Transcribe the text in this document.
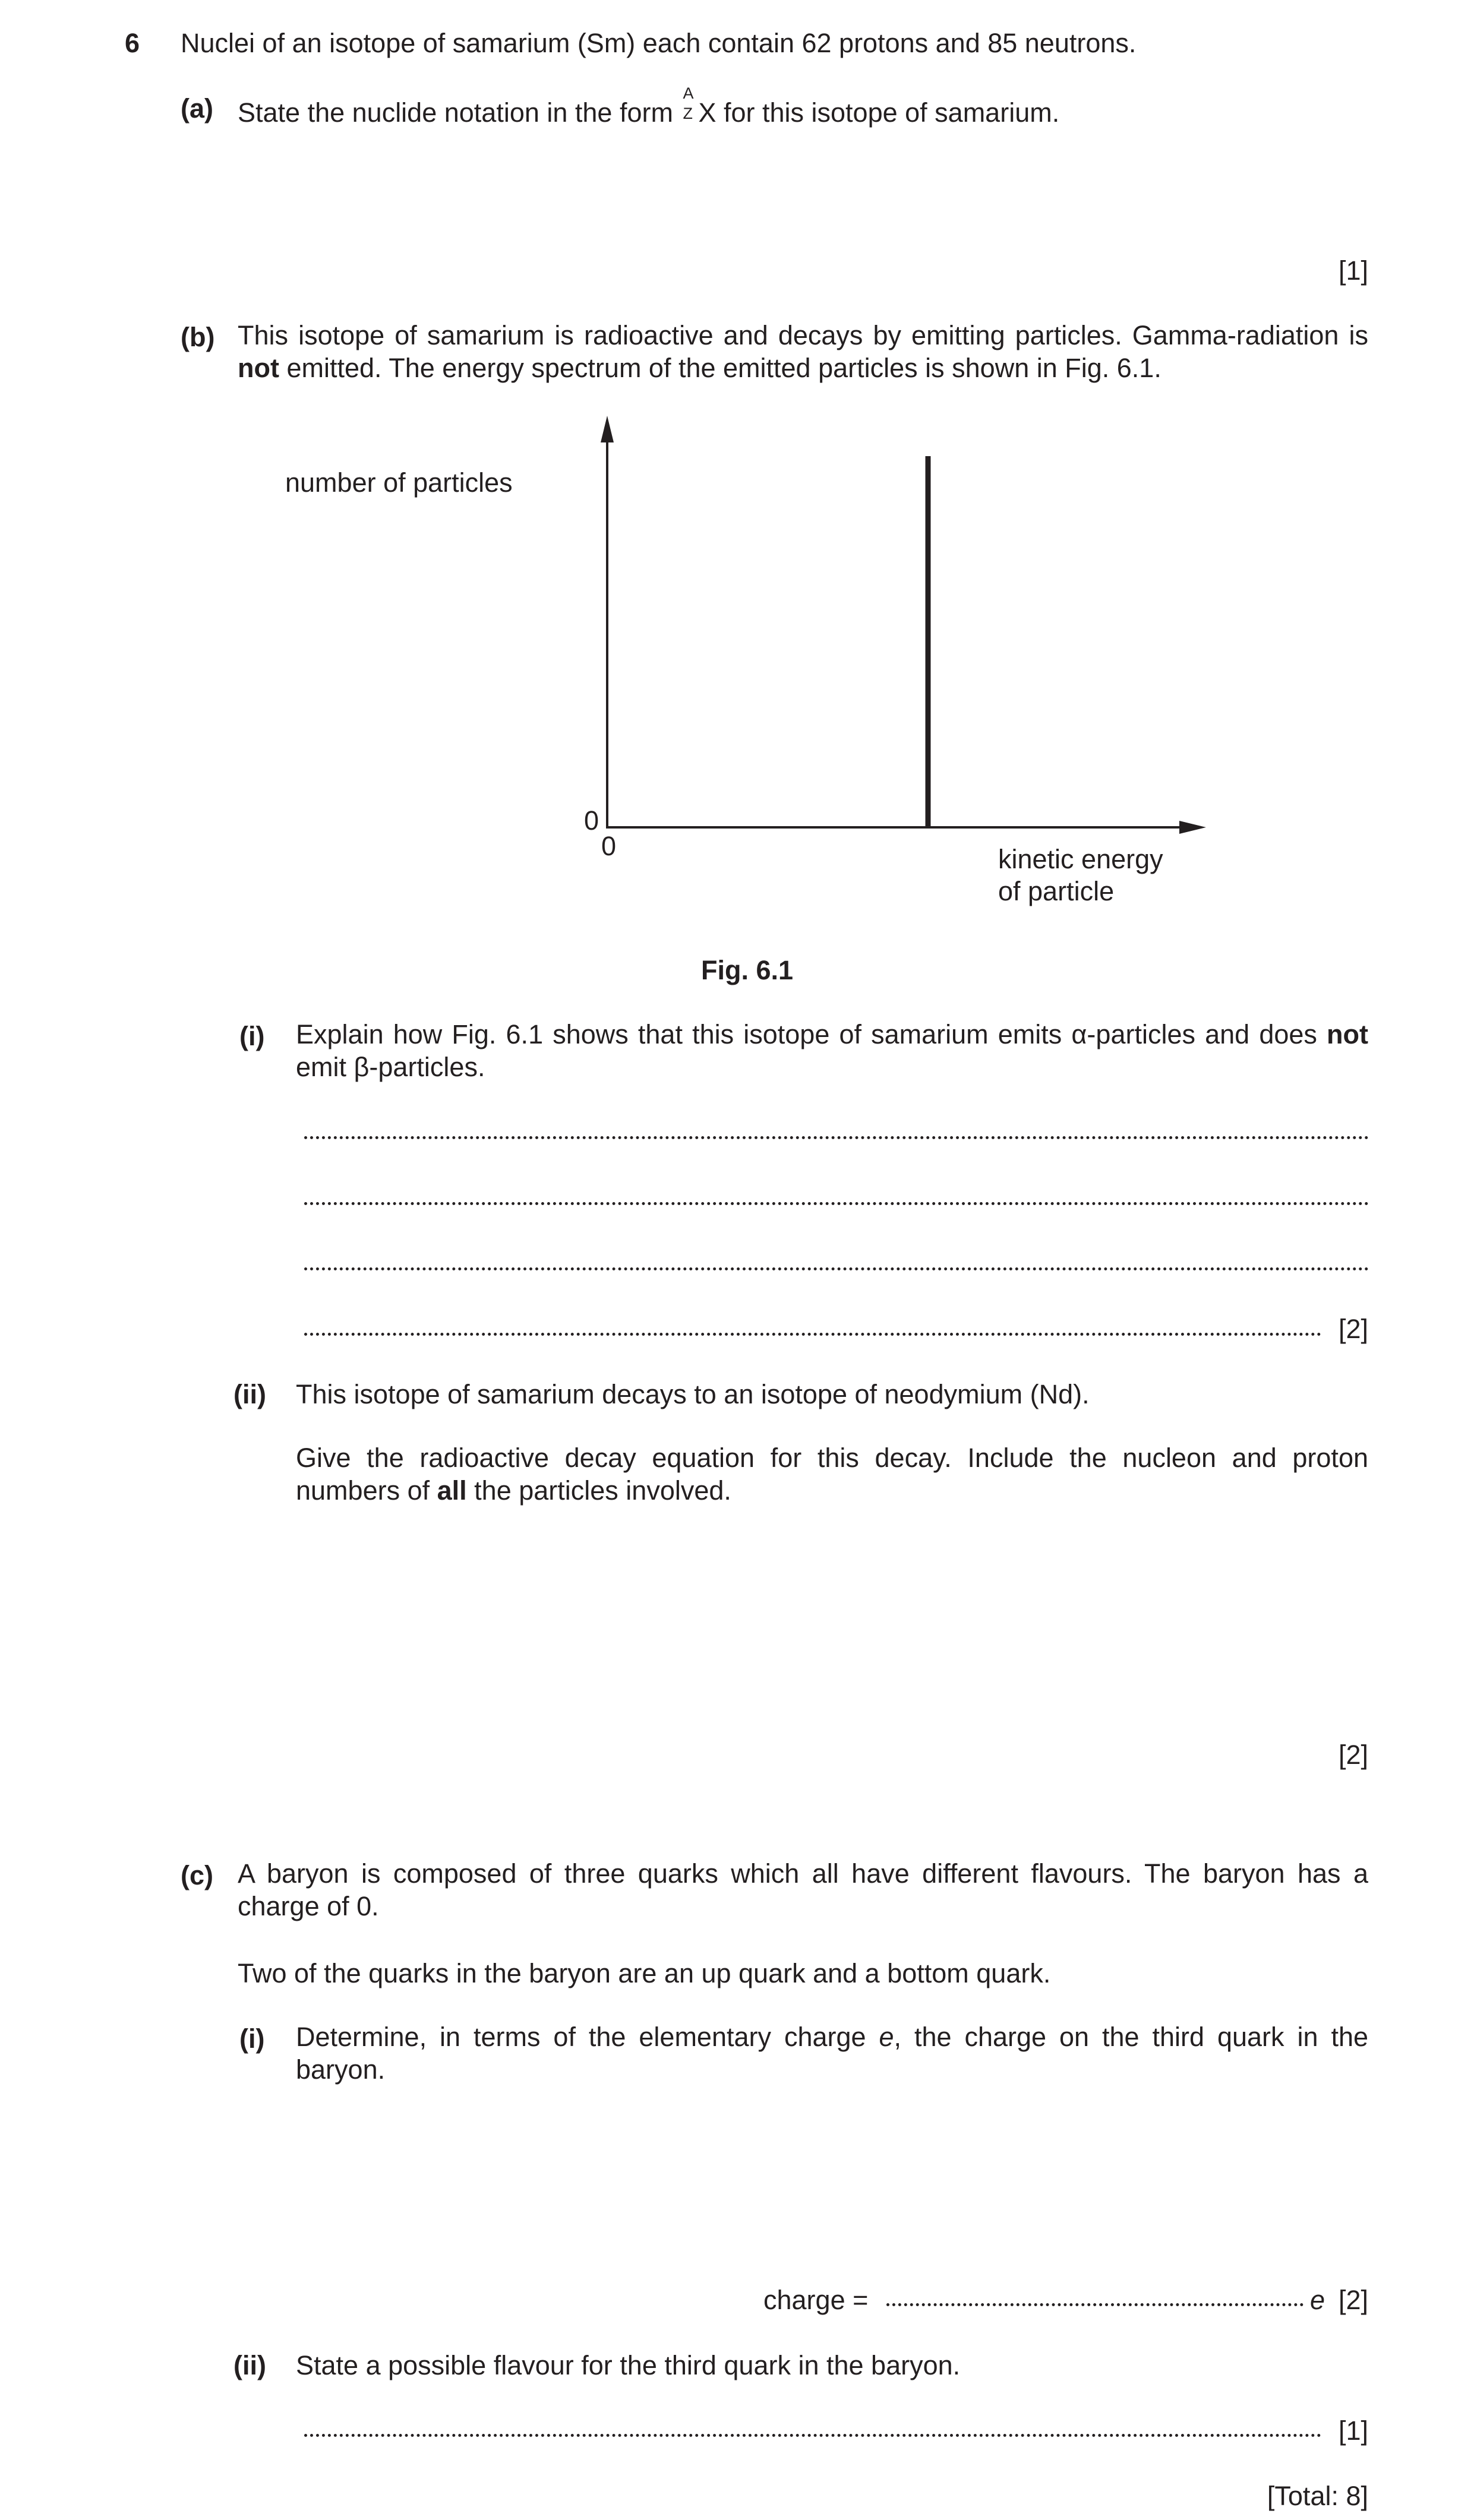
6 Nuclei of an isotope of samarium (Sm) each contain 62 protons and 85 neutrons.
(a) State the nuclide notation in the form
A
Z X for this isotope of samarium.
[1]
(b) This isotope of samarium is radioactive and decays by emitting particles. Gamma-radiation is not emitted. The energy spectrum of the emitted particles is shown in Fig. 6.1.
number of particles
0
0	kinetic energy
of particle
Fig. 6.1
(i) Explain how Fig. 6.1 shows that this isotope of samarium emits α-particles and does not emit β-particles.
[2]
(ii) This isotope of samarium decays to an isotope of neodymium (Nd).
Give the radioactive decay equation for this decay. Include the nucleon and proton numbers of all the particles involved.
[2]
(c) A baryon is composed of three quarks which all have different flavours. The baryon has a charge of 0.
Two of the quarks in the baryon are an up quark and a bottom quark.
(i) Determine, in terms of the elementary charge e, the charge on the third quark in the baryon.
charge =	e [2]
(ii) State a possible flavour for the third quark in the baryon.
[1]
[Total: 8]
